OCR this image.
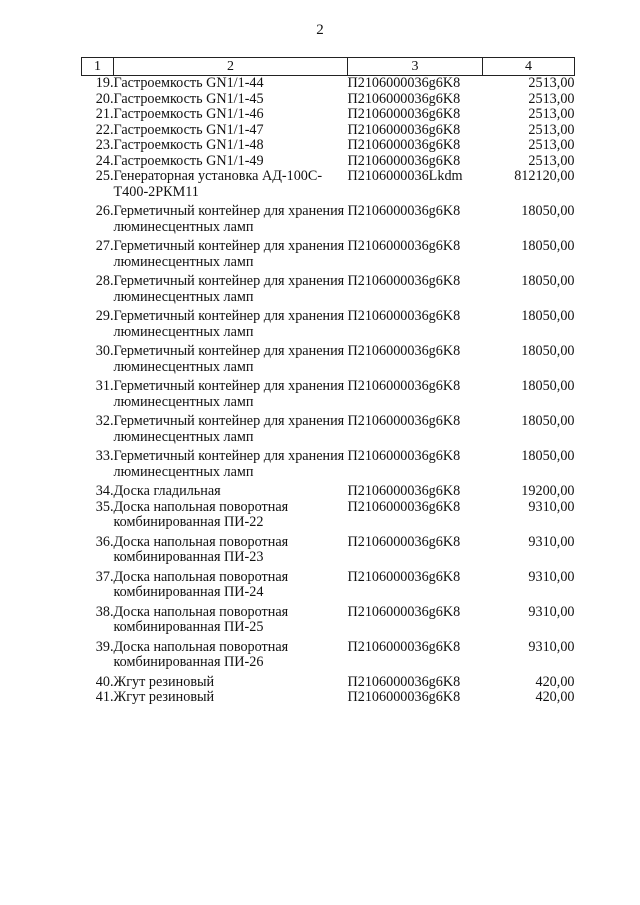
2
1	2	3	4
19.	Гастроемкость GN1/1-44	П2106000036g6K8	2513,00
20.	Гастроемкость GN1/1-45	П2106000036g6K8	2513,00
21.	Гастроемкость GN1/1-46	П2106000036g6K8	2513,00
22.	Гастроемкость GN1/1-47	П2106000036g6K8	2513,00
23.	Гастроемкость GN1/1-48	П2106000036g6K8	2513,00
24.	Гастроемкость GN1/1-49	П2106000036g6K8	2513,00
25.	Генераторная установка АД-100С-Т400-2РКМ11	П2106000036Lkdm	812120,00
26.	Герметичный контейнер для хранения люминесцентных ламп	П2106000036g6K8	18050,00
27.	Герметичный контейнер для хранения люминесцентных ламп	П2106000036g6K8	18050,00
28.	Герметичный контейнер для хранения люминесцентных ламп	П2106000036g6K8	18050,00
29.	Герметичный контейнер для хранения люминесцентных ламп	П2106000036g6K8	18050,00
30.	Герметичный контейнер для хранения люминесцентных ламп	П2106000036g6K8	18050,00
31.	Герметичный контейнер для хранения люминесцентных ламп	П2106000036g6K8	18050,00
32.	Герметичный контейнер для хранения люминесцентных ламп	П2106000036g6K8	18050,00
33.	Герметичный контейнер для хранения люминесцентных ламп	П2106000036g6K8	18050,00
34.	Доска гладильная	П2106000036g6K8	19200,00
35.	Доска напольная поворотная комбинированная ПИ-22	П2106000036g6K8	9310,00
36.	Доска напольная поворотная комбинированная ПИ-23	П2106000036g6K8	9310,00
37.	Доска напольная поворотная комбинированная ПИ-24	П2106000036g6K8	9310,00
38.	Доска напольная поворотная комбинированная ПИ-25	П2106000036g6K8	9310,00
39.	Доска напольная поворотная комбинированная ПИ-26	П2106000036g6K8	9310,00
40.	Жгут резиновый	П2106000036g6K8	420,00
41.	Жгут резиновый	П2106000036g6K8	420,00
